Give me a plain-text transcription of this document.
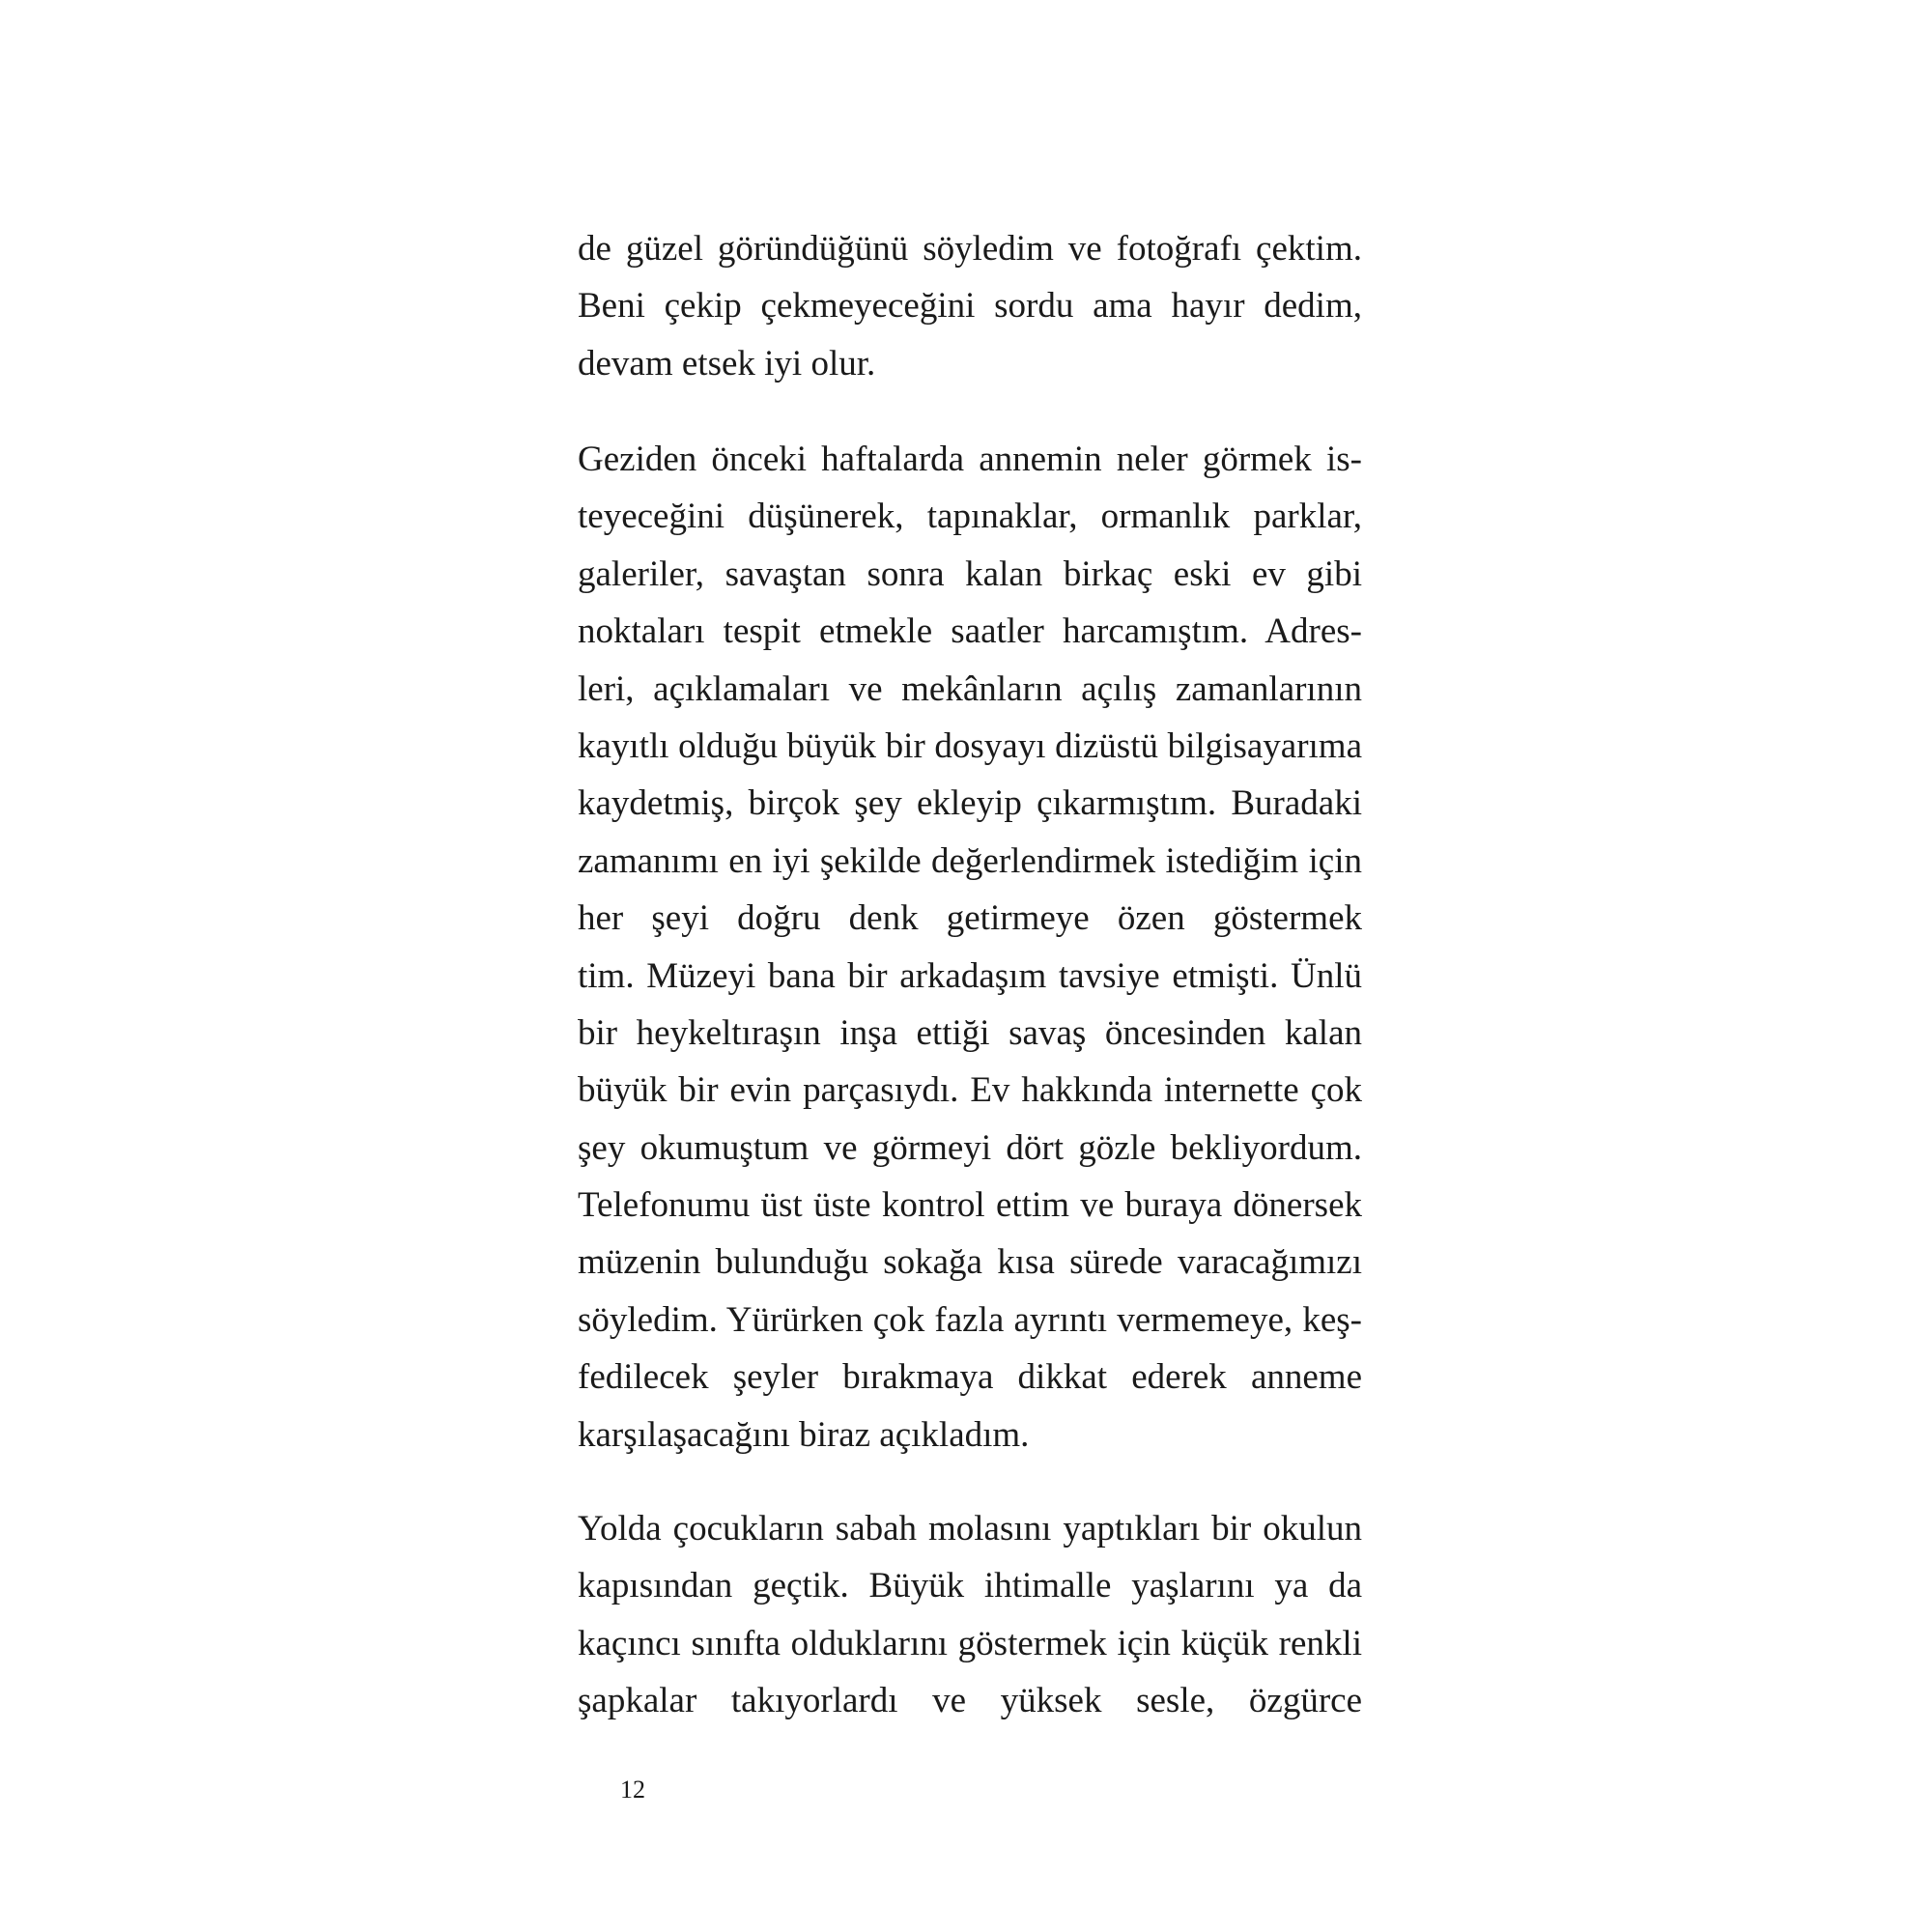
de güzel göründüğünü söyledim ve fotoğrafı çektim.
Beni çekip çekmeyeceğini sordu ama hayır dedim,
devam etsek iyi olur.
Geziden önceki haftalarda annemin neler görmek is-
teyeceğini düşünerek, tapınaklar, ormanlık parklar,
galeriler, savaştan sonra kalan birkaç eski ev gibi
noktaları tespit etmekle saatler harcamıştım. Adres-
leri, açıklamaları ve mekânların açılış zamanlarının
kayıtlı olduğu büyük bir dosyayı dizüstü bilgisayarıma
kaydetmiş, birçok şey ekleyip çıkarmıştım. Buradaki
zamanımı en iyi şekilde değerlendirmek istediğim için
her şeyi doğru denk getirmeye özen göstermek
tim. Müzeyi bana bir arkadaşım tavsiye etmişti. Ünlü
bir heykeltıraşın inşa ettiği savaş öncesinden kalan
büyük bir evin parçasıydı. Ev hakkında internette çok
şey okumuştum ve görmeyi dört gözle bekliyordum.
Telefonumu üst üste kontrol ettim ve buraya dönersek
müzenin bulunduğu sokağa kısa sürede varacağımızı
söyledim. Yürürken çok fazla ayrıntı vermemeye, keş-
fedilecek şeyler bırakmaya dikkat ederek anneme
karşılaşacağını biraz açıkladım.
Yolda çocukların sabah molasını yaptıkları bir okulun
kapısından geçtik. Büyük ihtimalle yaşlarını ya da
kaçıncı sınıfta olduklarını göstermek için küçük renkli
şapkalar takıyorlardı ve yüksek sesle, özgürce
12
